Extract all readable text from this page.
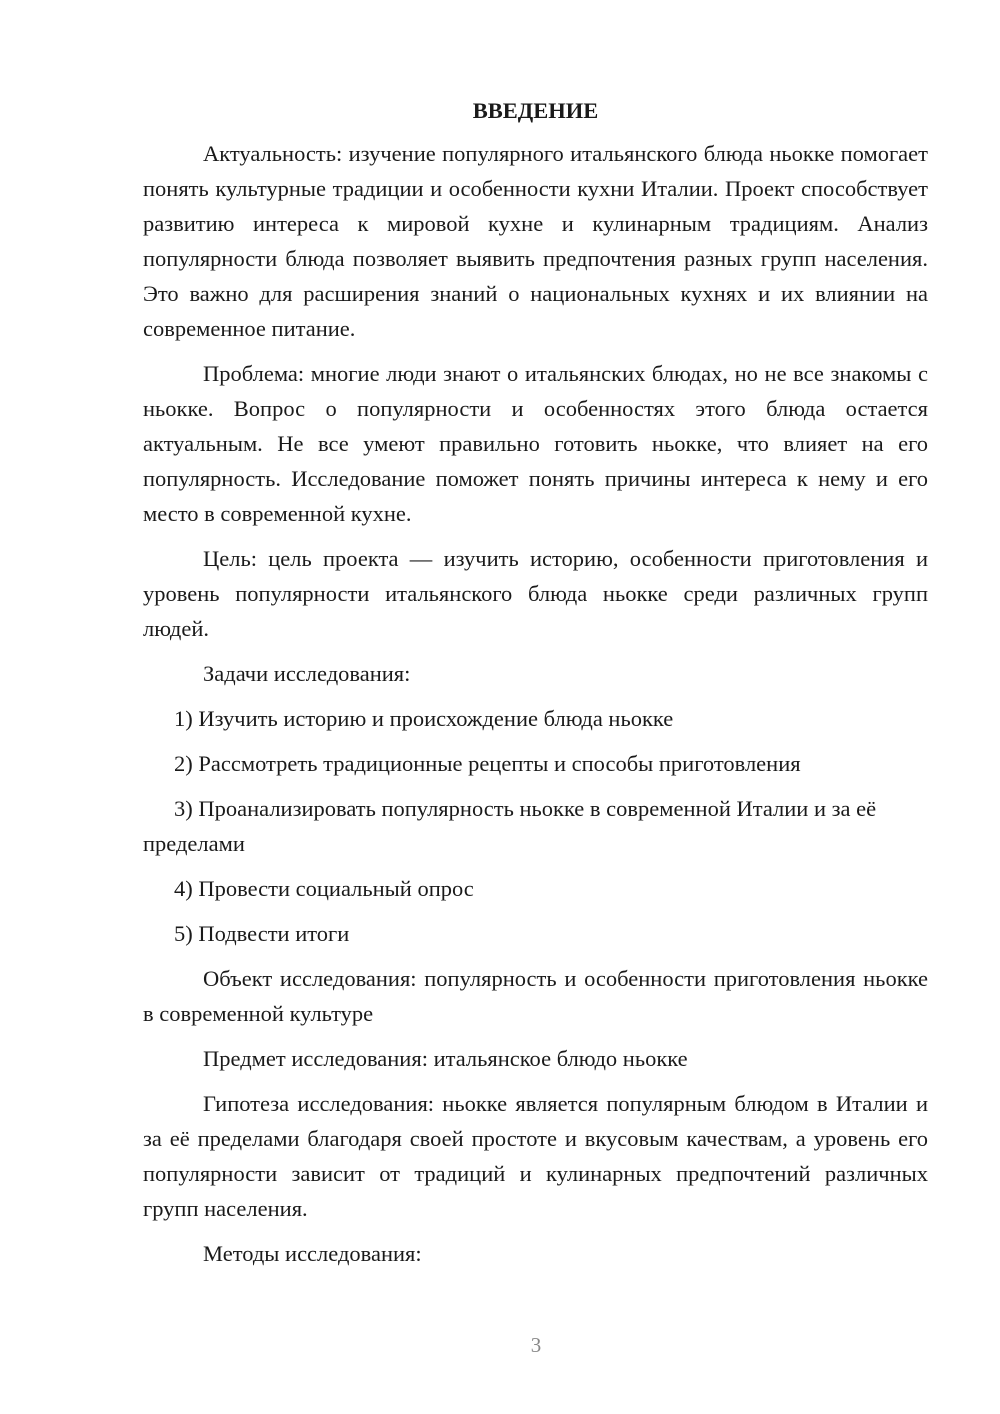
ВВЕДЕНИЕ

Актуальность: изучение популярного итальянского блюда ньокке помогает понять культурные традиции и особенности кухни Италии. Проект способствует развитию интереса к мировой кухне и кулинарным традициям. Анализ популярности блюда позволяет выявить предпочтения разных групп населения. Это важно для расширения знаний о национальных кухнях и их влиянии на современное питание.

Проблема: многие люди знают о итальянских блюдах, но не все знакомы с ньокке. Вопрос о популярности и особенностях этого блюда остается актуальным. Не все умеют правильно готовить ньокке, что влияет на его популярность. Исследование поможет понять причины интереса к нему и его место в современной кухне.

Цель: цель проекта — изучить историю, особенности приготовления и уровень популярности итальянского блюда ньокке среди различных групп людей.

Задачи исследования:

1) Изучить историю и происхождение блюда ньокке

2) Рассмотреть традиционные рецепты и способы приготовления

3) Проанализировать популярность ньокке в современной Италии и за её пределами

4) Провести социальный опрос

5) Подвести итоги

Объект исследования: популярность и особенности приготовления ньокке в современной культуре

Предмет исследования: итальянское блюдо ньокке

Гипотеза исследования: ньокке является популярным блюдом в Италии и за её пределами благодаря своей простоте и вкусовым качествам, а уровень его популярности зависит от традиций и кулинарных предпочтений различных групп населения.

Методы исследования:

3
